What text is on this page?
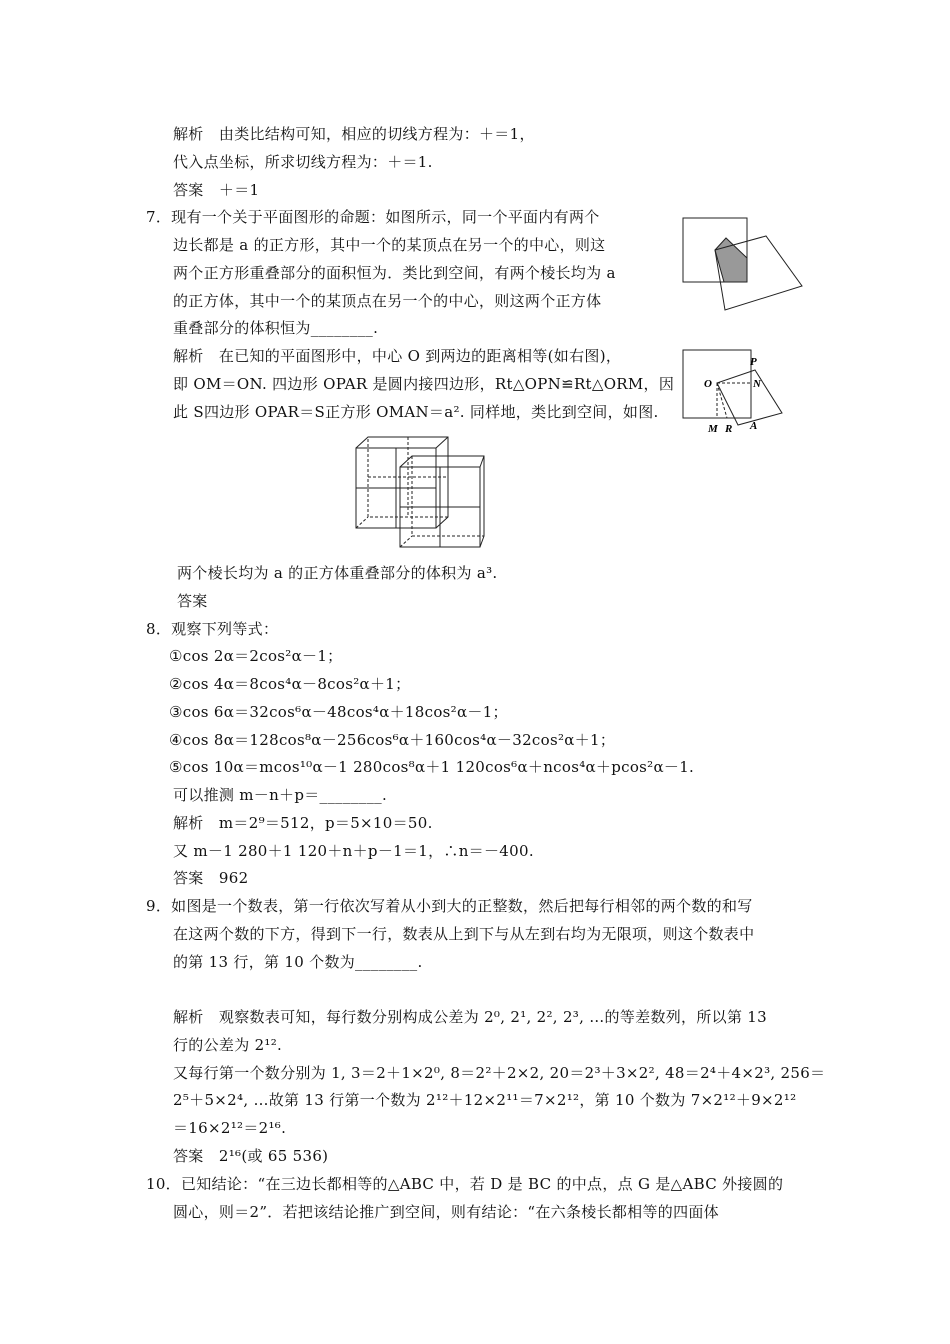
解析　由类比结构可知，相应的切线方程为：＋＝1，
代入点坐标，所求切线方程为：＋＝1.
答案　＋＝1
7．现有一个关于平面图形的命题：如图所示，同一个平面内有两个
边长都是 a 的正方形，其中一个的某顶点在另一个的中心，则这
两个正方形重叠部分的面积恒为．类比到空间，有两个棱长均为 a
的正方体，其中一个的某顶点在另一个的中心，则这两个正方体
重叠部分的体积恒为________.
解析　在已知的平面图形中，中心 O 到两边的距离相等(如右图)，
即 OM＝ON. 四边形 OPAR 是圆内接四边形，Rt△OPN≌Rt△ORM，因
此 S四边形 OPAR＝S正方形 OMAN＝a². 同样地，类比到空间，如图.
两个棱长均为 a 的正方体重叠部分的体积为 a³.
答案
8．观察下列等式：
①cos 2α＝2cos²α－1；
②cos 4α＝8cos⁴α－8cos²α＋1；
③cos 6α＝32cos⁶α－48cos⁴α＋18cos²α－1；
④cos 8α＝128cos⁸α－256cos⁶α＋160cos⁴α－32cos²α＋1；
⑤cos 10α＝mcos¹⁰α－1 280cos⁸α＋1 120cos⁶α＋ncos⁴α＋pcos²α－1.
可以推测 m－n＋p＝________.
解析　m＝2⁹＝512，p＝5×10＝50.
又 m－1 280＋1 120＋n＋p－1＝1，∴n＝－400.
答案　962
9．如图是一个数表，第一行依次写着从小到大的正整数，然后把每行相邻的两个数的和写
在这两个数的下方，得到下一行，数表从上到下与从左到右均为无限项，则这个数表中
的第 13 行，第 10 个数为________.
解析　观察数表可知，每行数分别构成公差为 2⁰, 2¹, 2², 2³, …的等差数列，所以第 13
行的公差为 2¹².
又每行第一个数分别为 1, 3＝2＋1×2⁰, 8＝2²＋2×2, 20＝2³＋3×2², 48＝2⁴＋4×2³, 256＝
2⁵＋5×2⁴, …故第 13 行第一个数为 2¹²＋12×2¹¹＝7×2¹²，第 10 个数为 7×2¹²＋9×2¹²
＝16×2¹²＝2¹⁶.
答案　2¹⁶(或 65 536)
10．已知结论：“在三边长都相等的△ABC 中，若 D 是 BC 的中点，点 G 是△ABC 外接圆的
圆心，则＝2”．若把该结论推广到空间，则有结论：“在六条棱长都相等的四面体
O
P
N
M R A
